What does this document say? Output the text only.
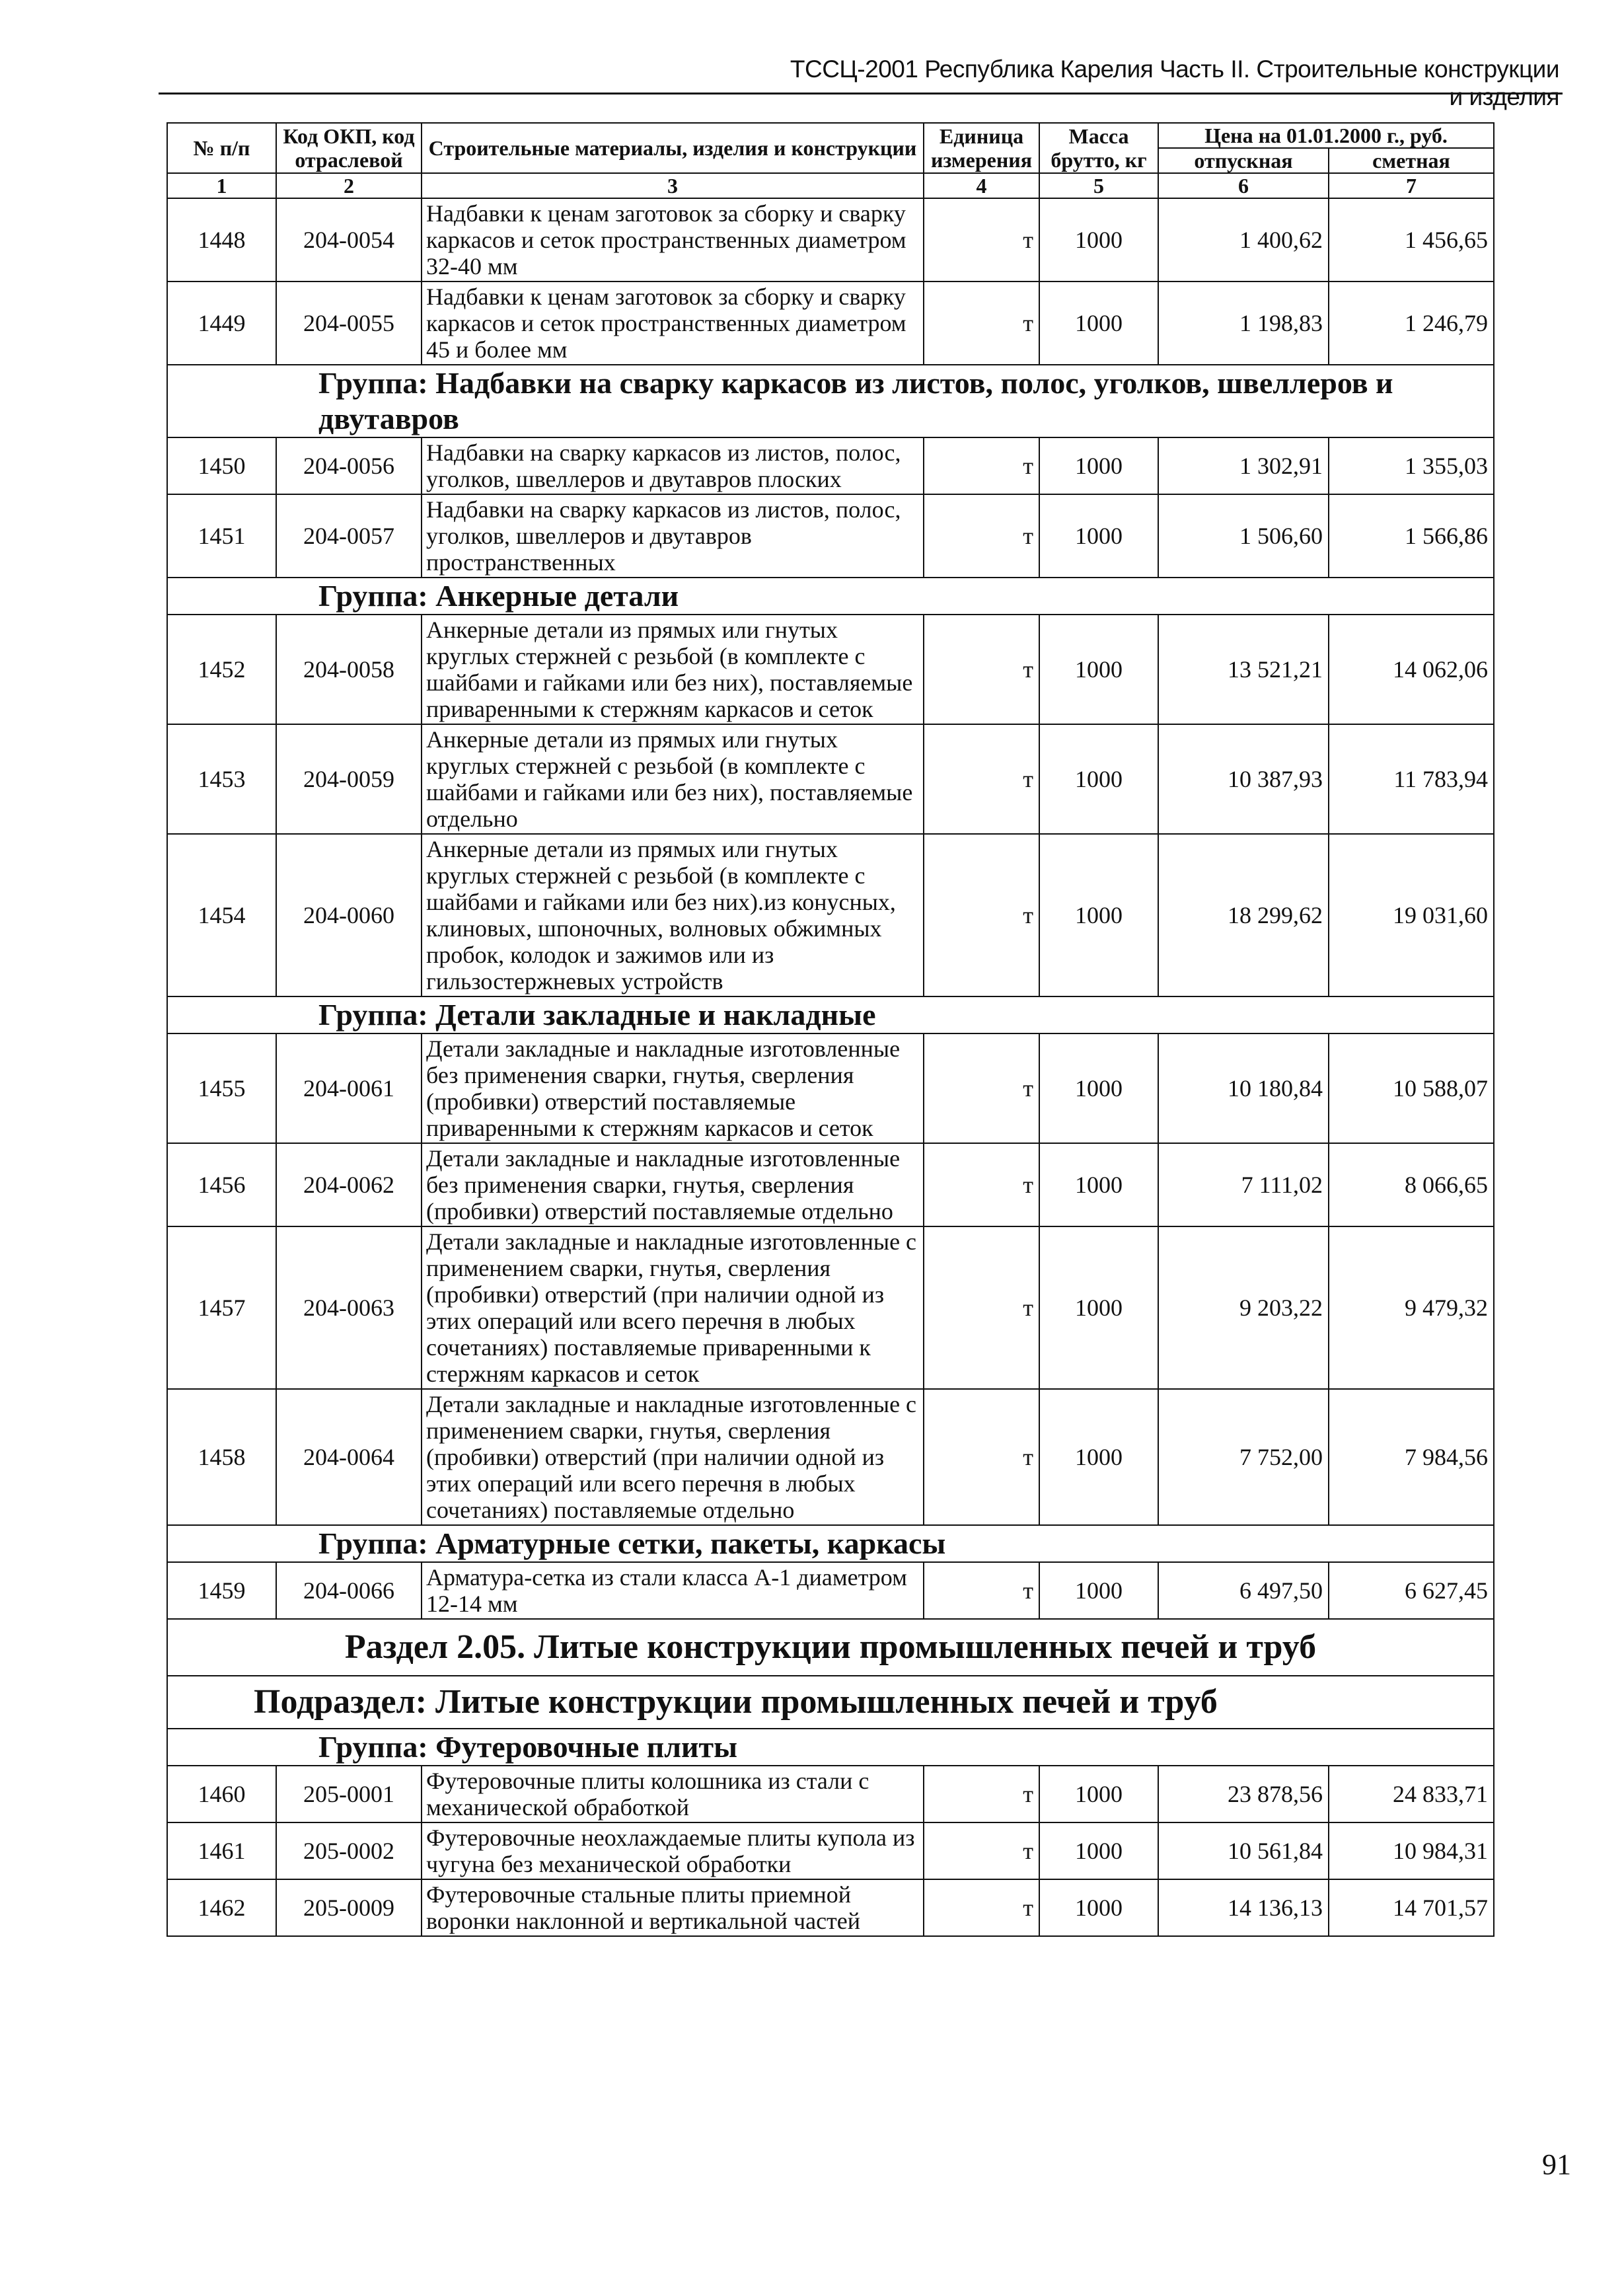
ТССЦ-2001 Республика Карелия Часть II. Строительные конструкции и изделия
№ п/п	Код ОКП, код отраслевой	Строительные материалы, изделия и конструкции	Единица измерения	Масса брутто, кг	Цена на 01.01.2000 г., руб.	
					отпускная	сметная
1	2	3	4	5	6	7
1448	204-0054	Надбавки к ценам заготовок за сборку и сварку каркасов и сеток пространственных диаметром 32-40 мм	т	1000	1 400,62	1 456,65
1449	204-0055	Надбавки к ценам заготовок за сборку и сварку каркасов и сеток пространственных диаметром 45 и более мм	т	1000	1 198,83	1 246,79
Группа: Надбавки на сварку каркасов из листов, полос, уголков, швеллеров и двутавров						
1450	204-0056	Надбавки на сварку каркасов из листов, полос, уголков, швеллеров и двутавров плоских	т	1000	1 302,91	1 355,03
1451	204-0057	Надбавки на сварку каркасов из листов, полос, уголков, швеллеров и двутавров пространственных	т	1000	1 506,60	1 566,86
Группа: Анкерные детали						
1452	204-0058	Анкерные детали из прямых или гнутых круглых стержней с резьбой (в комплекте с шайбами и гайками или без них), поставляемые приваренными к стержням каркасов и сеток	т	1000	13 521,21	14 062,06
1453	204-0059	Анкерные детали из прямых или гнутых круглых стержней с резьбой (в комплекте с шайбами и гайками или без них), поставляемые отдельно	т	1000	10 387,93	11 783,94
1454	204-0060	Анкерные детали из прямых или гнутых круглых стержней с резьбой (в комплекте с шайбами и гайками или без них).из конусных, клиновых, шпоночных, волновых обжимных пробок, колодок и зажимов или из гильзостержневых устройств	т	1000	18 299,62	19 031,60
Группа: Детали закладные и накладные						
1455	204-0061	Детали закладные и накладные изготовленные без применения сварки, гнутья, сверления (пробивки) отверстий поставляемые приваренными к стержням каркасов и сеток	т	1000	10 180,84	10 588,07
1456	204-0062	Детали закладные и накладные изготовленные без применения сварки, гнутья, сверления (пробивки) отверстий поставляемые отдельно	т	1000	7 111,02	8 066,65
1457	204-0063	Детали закладные и накладные изготовленные с применением сварки, гнутья, сверления (пробивки) отверстий (при наличии одной из этих операций или всего перечня в любых сочетаниях) поставляемые приваренными к стержням каркасов и сеток	т	1000	9 203,22	9 479,32
1458	204-0064	Детали закладные и накладные изготовленные с применением сварки, гнутья, сверления (пробивки) отверстий (при наличии одной из этих операций или всего перечня в любых сочетаниях) поставляемые отдельно	т	1000	7 752,00	7 984,56
Группа: Арматурные сетки, пакеты, каркасы						
1459	204-0066	Арматура-сетка из стали класса А-1 диаметром 12-14 мм	т	1000	6 497,50	6 627,45
Раздел 2.05. Литые конструкции промышленных печей и труб						
Подраздел: Литые конструкции промышленных печей и труб						
Группа: Футеровочные плиты						
1460	205-0001	Футеровочные плиты колошника из стали с механической обработкой	т	1000	23 878,56	24 833,71
1461	205-0002	Футеровочные неохлаждаемые плиты купола из чугуна без механической обработки	т	1000	10 561,84	10 984,31
1462	205-0009	Футеровочные стальные плиты приемной воронки наклонной и вертикальной частей	т	1000	14 136,13	14 701,57
91
